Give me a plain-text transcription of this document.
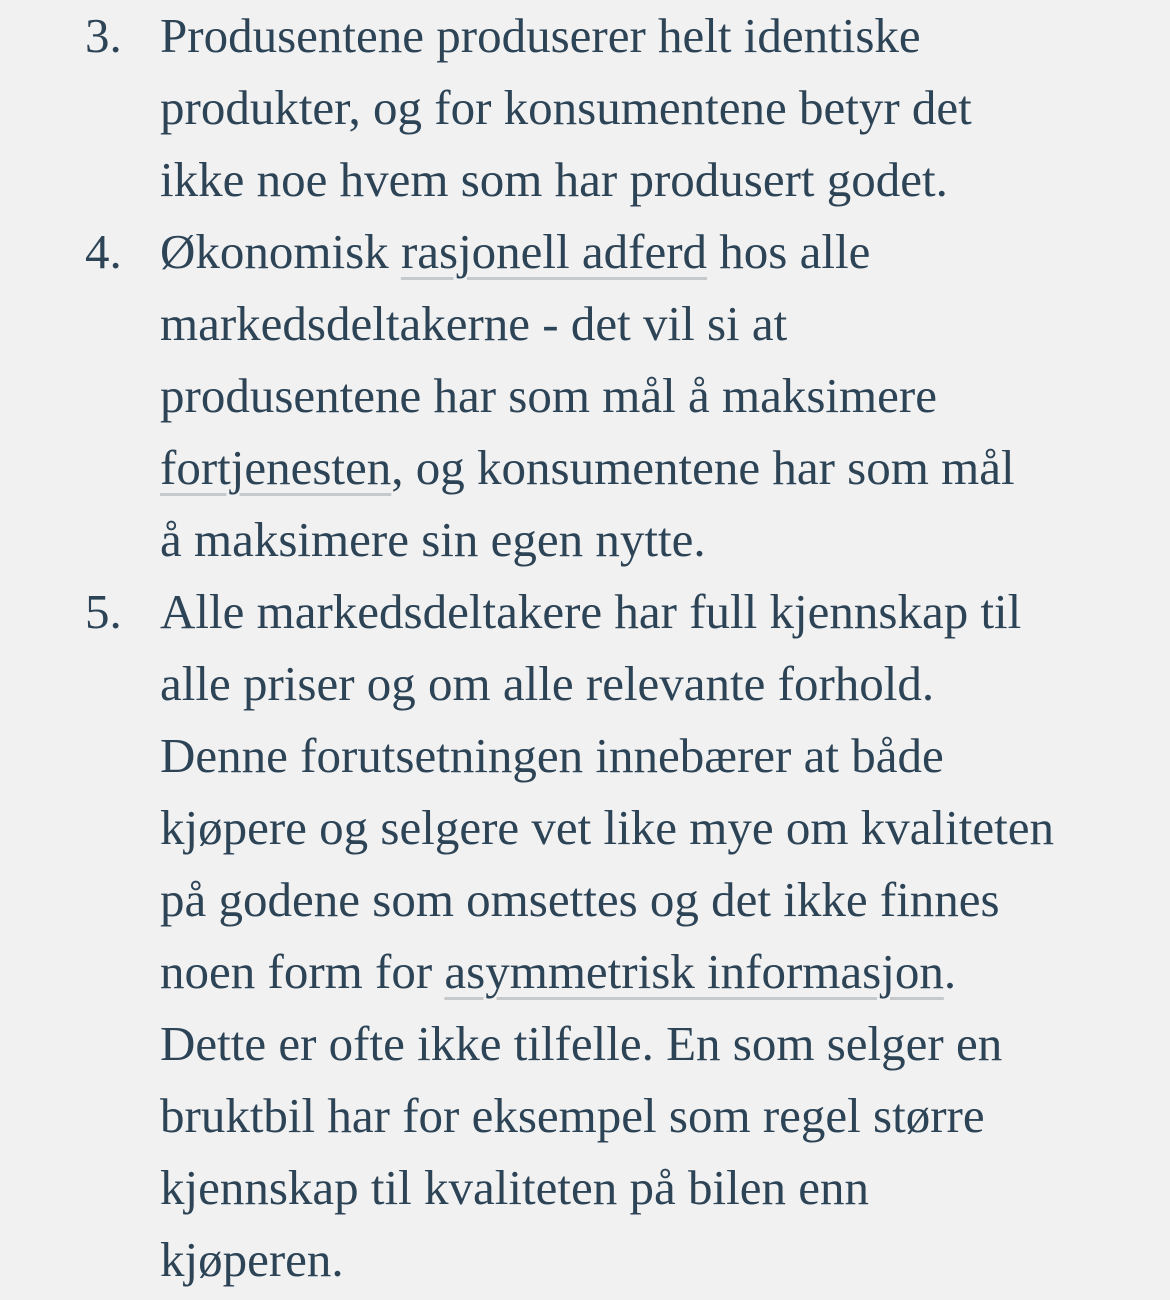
3. Produsentene produserer helt identiske
produkter, og for konsumentene betyr det
ikke noe hvem som har produsert godet.
4. Økonomisk rasjonell adferd hos alle
markedsdeltakerne - det vil si at
produsentene har som mål å maksimere
fortjenesten, og konsumentene har som mål
å maksimere sin egen nytte.
5. Alle markedsdeltakere har full kjennskap til
alle priser og om alle relevante forhold.
Denne forutsetningen innebærer at både
kjøpere og selgere vet like mye om kvaliteten
på godene som omsettes og det ikke finnes
noen form for asymmetrisk informasjon.
Dette er ofte ikke tilfelle. En som selger en
bruktbil har for eksempel som regel større
kjennskap til kvaliteten på bilen enn
kjøperen.
